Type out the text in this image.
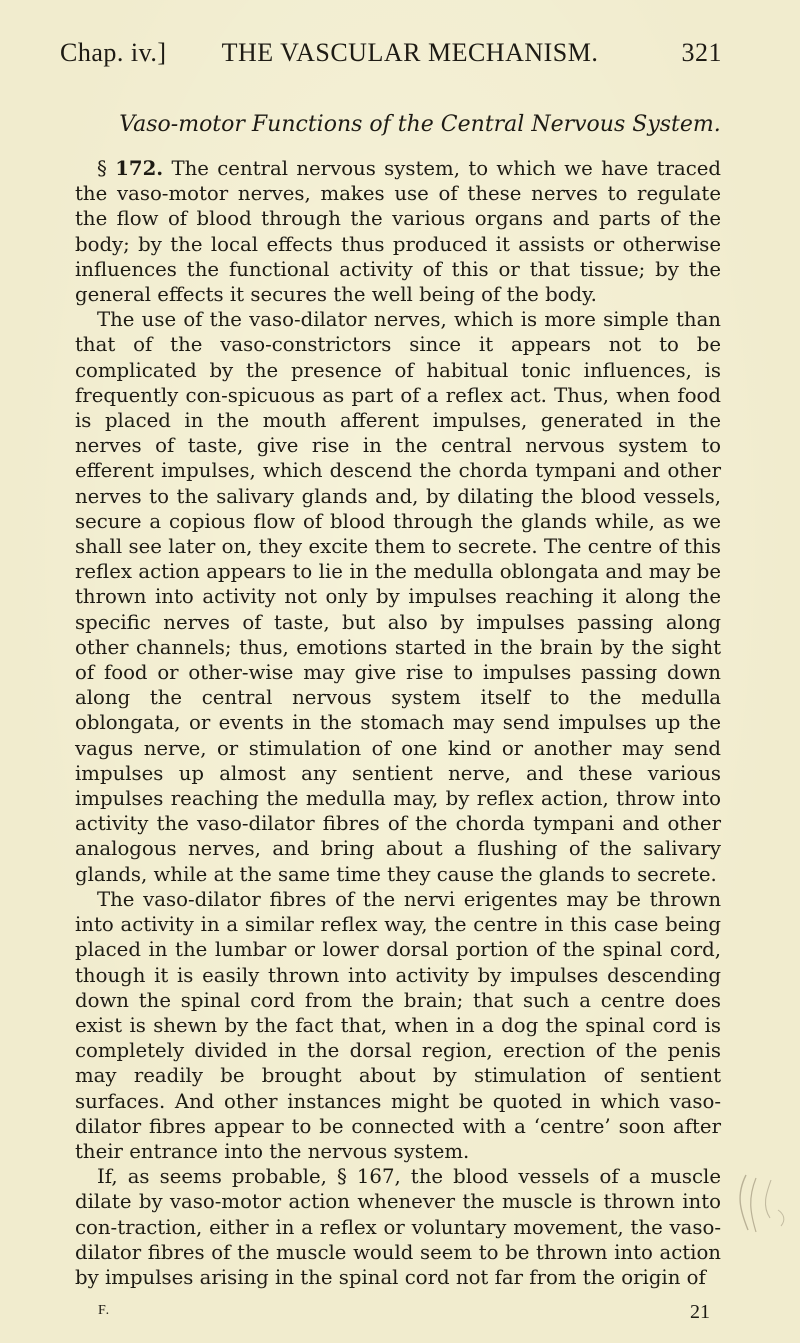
Chap. iv.]	THE VASCULAR MECHANISM.	321
Vaso-motor Functions of the Central Nervous System.

§ 172. The central nervous system, to which we have traced the vaso-motor nerves, makes use of these nerves to regulate the flow of blood through the various organs and parts of the body; by the local effects thus produced it assists or otherwise influences the functional activity of this or that tissue; by the general effects it secures the well being of the body.

The use of the vaso-dilator nerves, which is more simple than that of the vaso-constrictors since it appears not to be complicated by the presence of habitual tonic influences, is frequently con-spicuous as part of a reflex act. Thus, when food is placed in the mouth afferent impulses, generated in the nerves of taste, give rise in the central nervous system to efferent impulses, which descend the chorda tympani and other nerves to the salivary glands and, by dilating the blood vessels, secure a copious flow of blood through the glands while, as we shall see later on, they excite them to secrete. The centre of this reflex action appears to lie in the medulla oblongata and may be thrown into activity not only by impulses reaching it along the specific nerves of taste, but also by impulses passing along other channels; thus, emotions started in the brain by the sight of food or other-wise may give rise to impulses passing down along the central nervous system itself to the medulla oblongata, or events in the stomach may send impulses up the vagus nerve, or stimulation of one kind or another may send impulses up almost any sentient nerve, and these various impulses reaching the medulla may, by reflex action, throw into activity the vaso-dilator fibres of the chorda tympani and other analogous nerves, and bring about a flushing of the salivary glands, while at the same time they cause the glands to secrete.

The vaso-dilator fibres of the nervi erigentes may be thrown into activity in a similar reflex way, the centre in this case being placed in the lumbar or lower dorsal portion of the spinal cord, though it is easily thrown into activity by impulses descending down the spinal cord from the brain; that such a centre does exist is shewn by the fact that, when in a dog the spinal cord is completely divided in the dorsal region, erection of the penis may readily be brought about by stimulation of sentient surfaces. And other instances might be quoted in which vaso-dilator fibres appear to be connected with a ‘centre’ soon after their entrance into the nervous system.

If, as seems probable, § 167, the blood vessels of a muscle dilate by vaso-motor action whenever the muscle is thrown into con-traction, either in a reflex or voluntary movement, the vaso-dilator fibres of the muscle would seem to be thrown into action by impulses arising in the spinal cord not far from the origin of

F.	21
